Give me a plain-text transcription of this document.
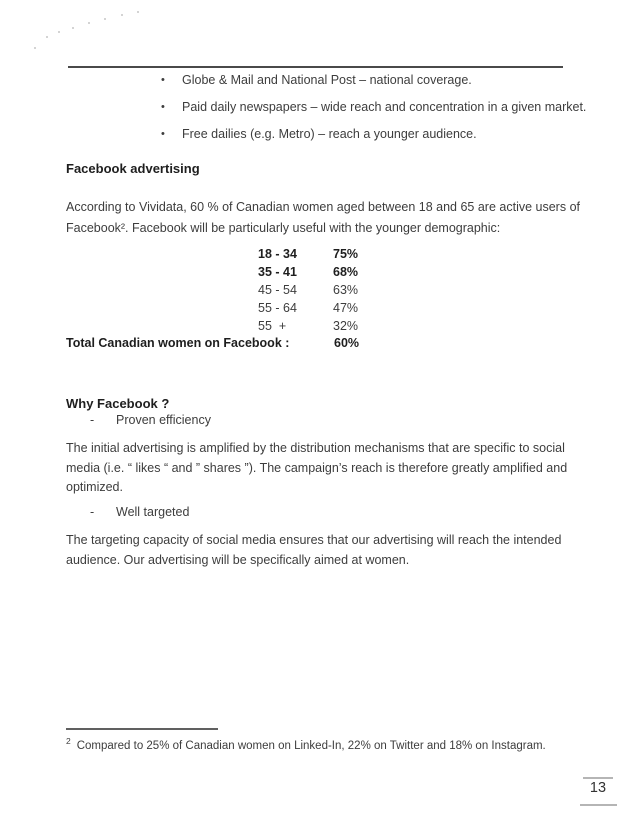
•	Globe & Mail and National Post – national coverage.
•	Paid daily newspapers – wide reach and concentration in a given market.
•	Free dailies (e.g. Metro) – reach a younger audience.
Facebook advertising
According to Vividata, 60 % of Canadian women aged between 18 and 65 are active users of
Facebook². Facebook will be particularly useful with the younger demographic:
18 - 34	75%
35 - 41	68%
45 - 54	63%
55 - 64	47%
55  +	32%
Total Canadian women on Facebook :	60%
Why Facebook ?
- Proven efficiency
The initial advertising is amplified by the distribution mechanisms that are specific to social
media (i.e. “ likes “ and ” shares ”). The campaign’s reach is therefore greatly amplified and
optimized.
- Well targeted
The targeting capacity of social media ensures that our advertising will reach the intended
audience. Our advertising will be specifically aimed at women.
$^2$ Compared to 25% of Canadian women on Linked-In, 22% on Twitter and 18% on Instagram.
13
